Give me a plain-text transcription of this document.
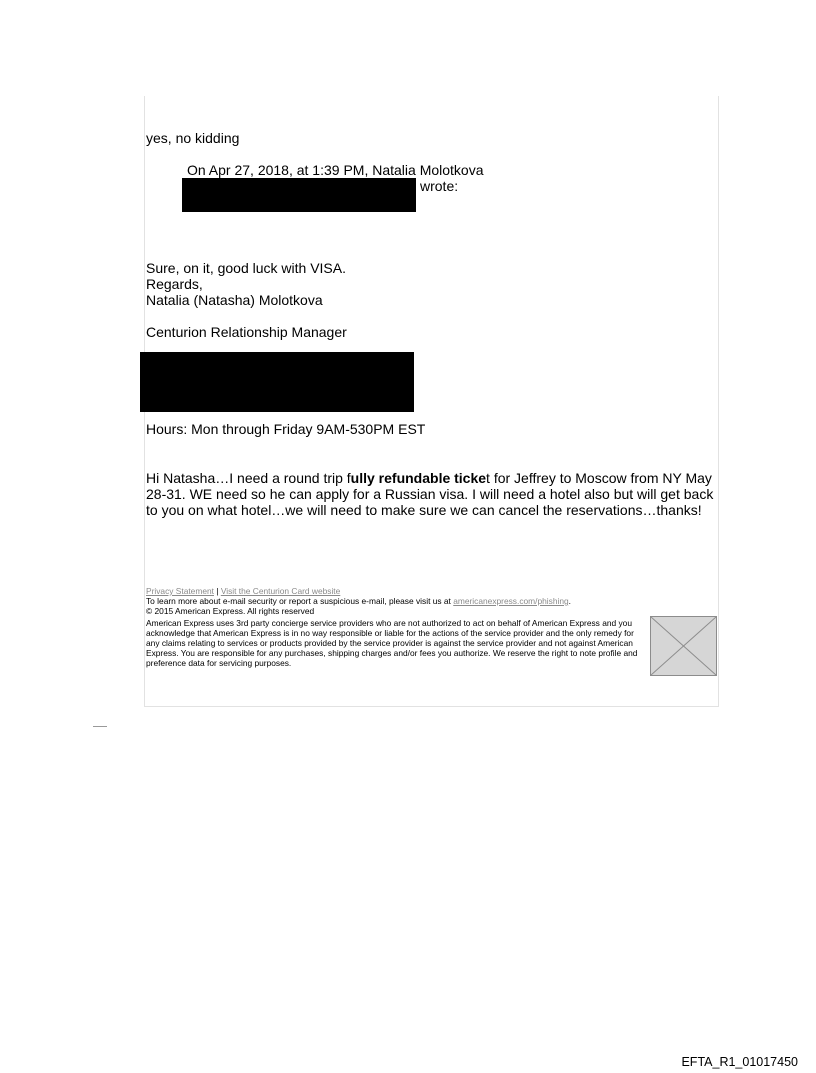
yes, no kidding
On Apr 27, 2018, at 1:39 PM, Natalia Molotkova
wrote:
Sure, on it, good luck with VISA.
Regards,
Natalia (Natasha) Molotkova
Centurion Relationship Manager
Hours: Mon through Friday 9AM-530PM EST
Hi Natasha…I need a round trip fully refundable ticket for Jeffrey to Moscow from NY May 28-31. WE need so he can apply for a Russian visa. I will need a hotel also but will get back to you on what hotel…we will need to make sure we can cancel the reservations…thanks!
Privacy Statement | Visit the Centurion Card website
To learn more about e-mail security or report a suspicious e-mail, please visit us at americanexpress.com/phishing.
© 2015 American Express. All rights reserved
American Express uses 3rd party concierge service providers who are not authorized to act on behalf of American Express and you acknowledge that American Express is in no way responsible or liable for the actions of the service provider and the only remedy for any claims relating to services or products provided by the service provider is against the service provider and not against American Express. You are responsible for any purchases, shipping charges and/or fees you authorize. We reserve the right to note profile and preference data for servicing purposes.
EFTA_R1_01017450
